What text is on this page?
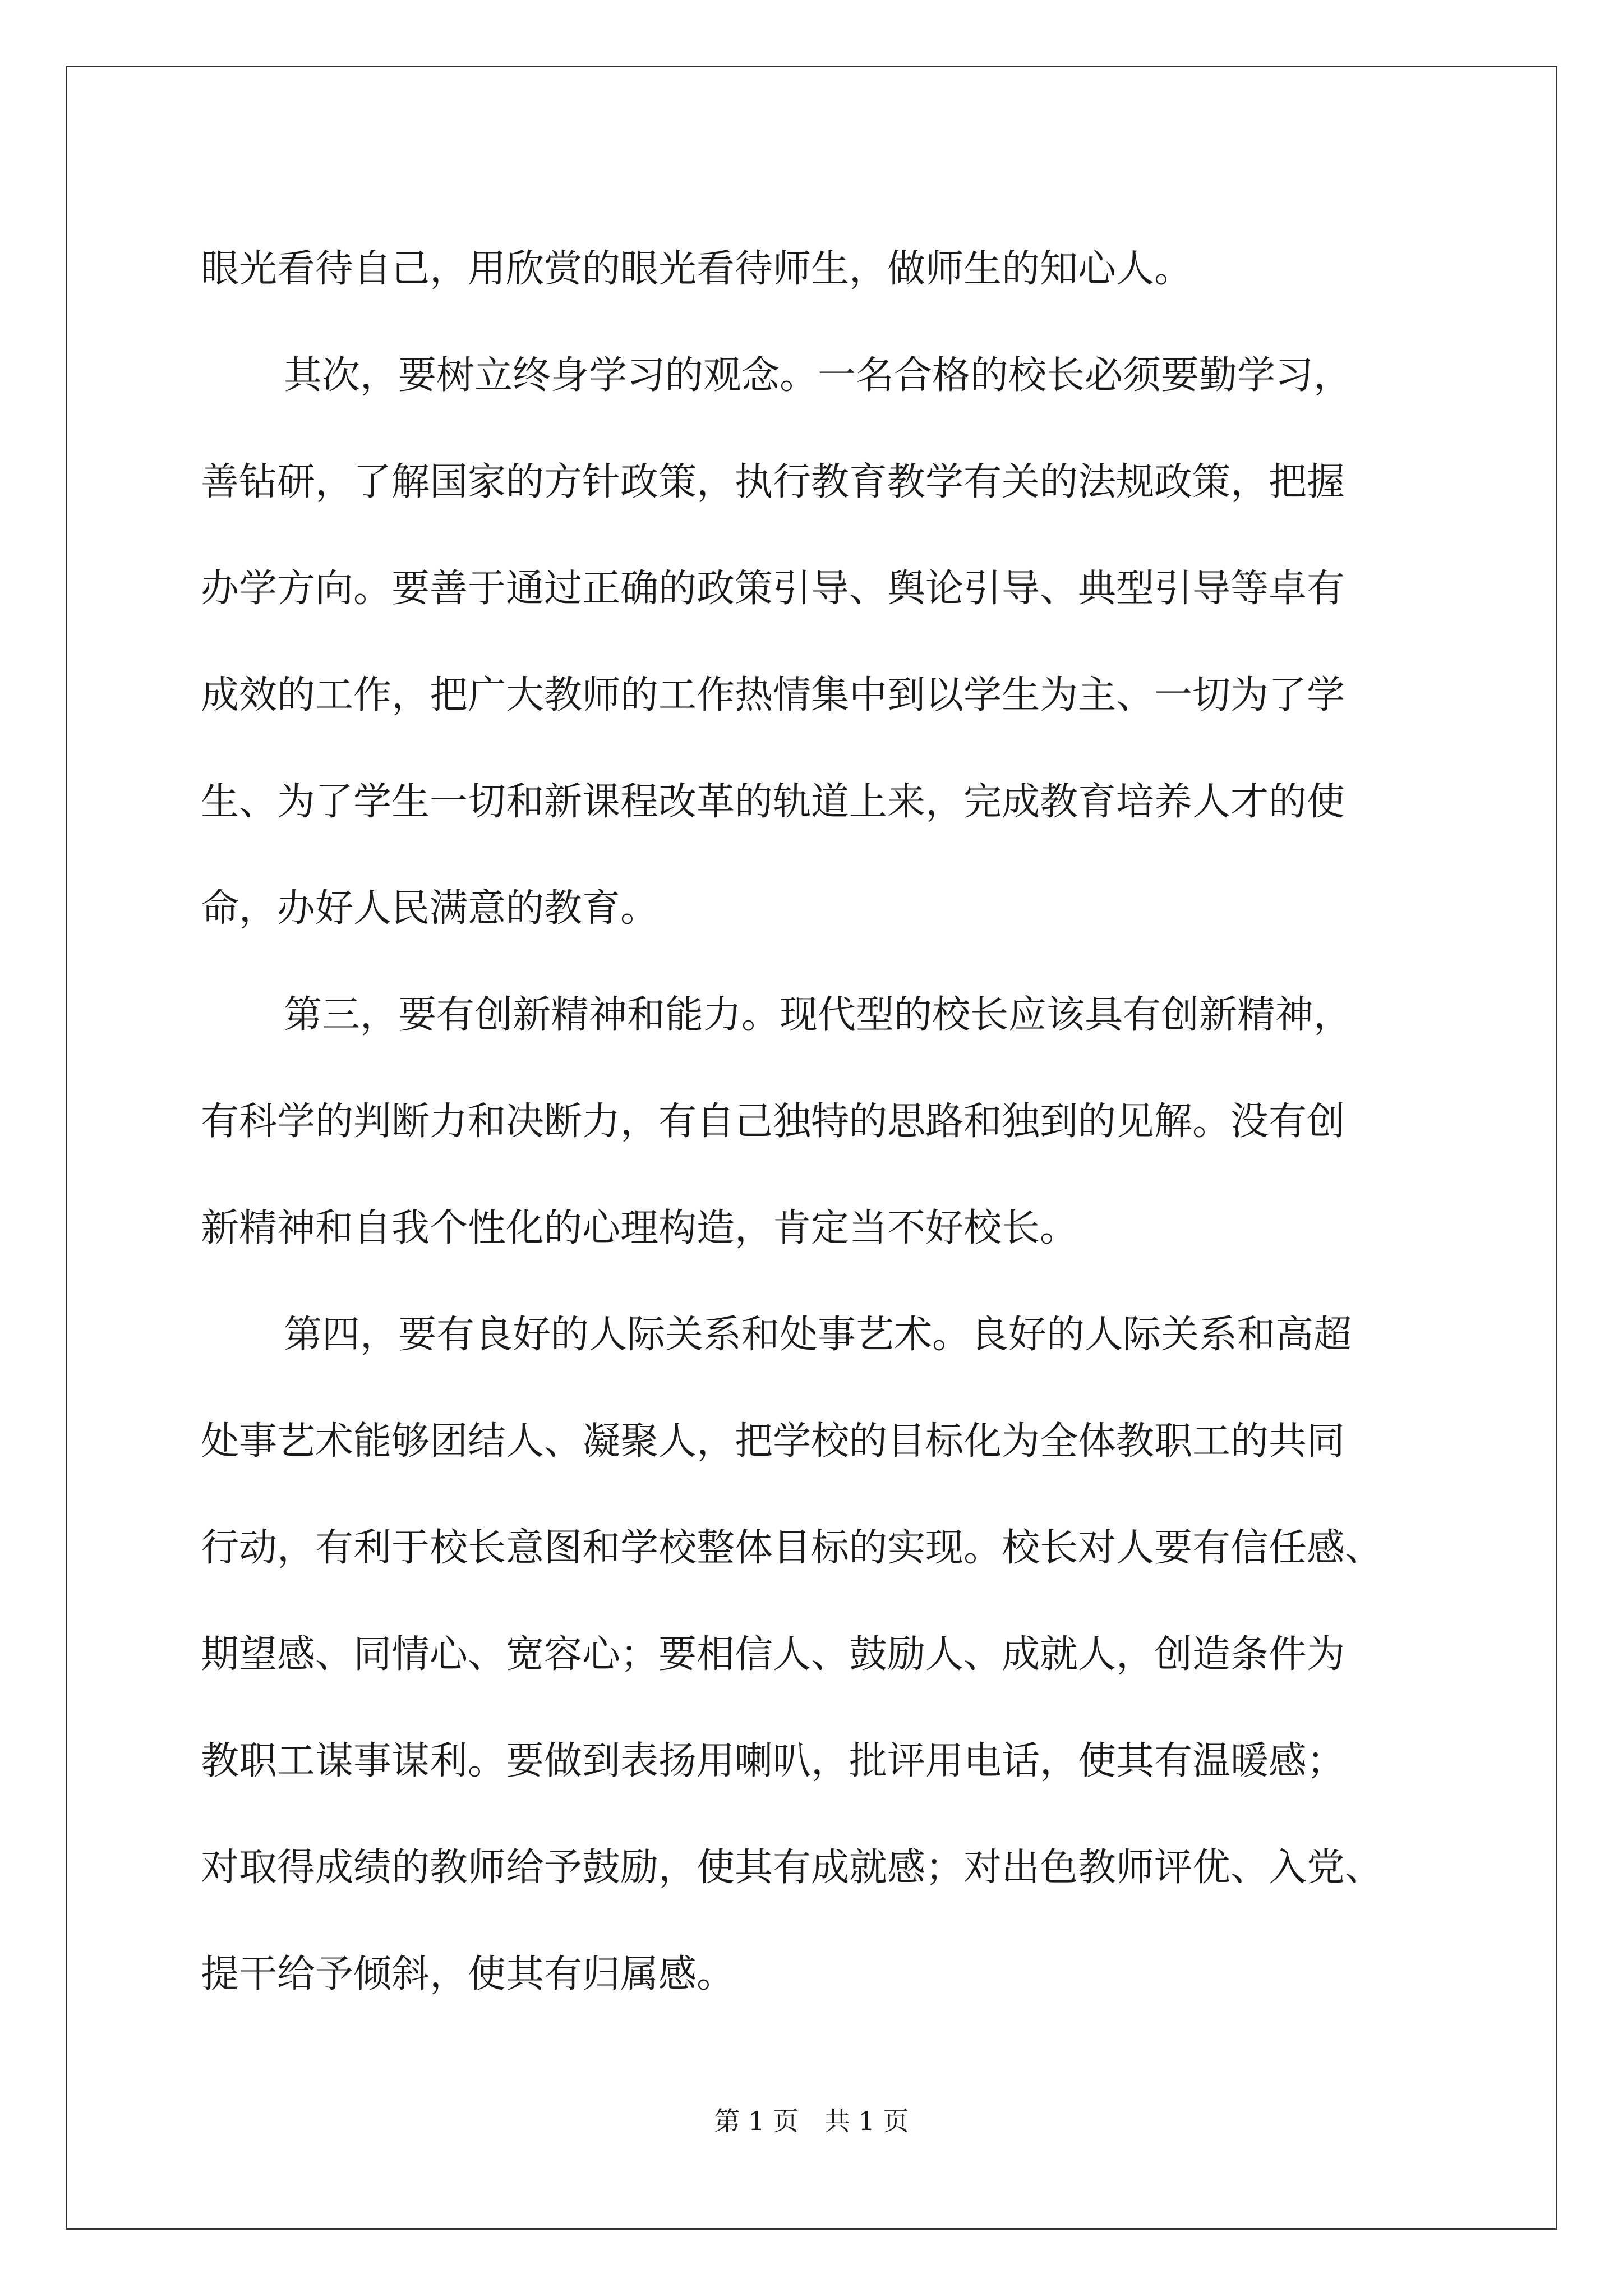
眼光看待自己，用欣赏的眼光看待师生，做师生的知心人。
其次，要树立终身学习的观念。一名合格的校长必须要勤学习，
善钻研，了解国家的方针政策，执行教育教学有关的法规政策，把握
办学方向。要善于通过正确的政策引导、舆论引导、典型引导等卓有
成效的工作，把广大教师的工作热情集中到以学生为主、一切为了学
生、为了学生一切和新课程改革的轨道上来，完成教育培养人才的使
命，办好人民满意的教育。
第三，要有创新精神和能力。现代型的校长应该具有创新精神，
有科学的判断力和决断力，有自己独特的思路和独到的见解。没有创
新精神和自我个性化的心理构造，肯定当不好校长。
第四，要有良好的人际关系和处事艺术。良好的人际关系和高超
处事艺术能够团结人、凝聚人，把学校的目标化为全体教职工的共同
行动，有利于校长意图和学校整体目标的实现。校长对人要有信任感、
期望感、同情心、宽容心；要相信人、鼓励人、成就人，创造条件为
教职工谋事谋利。要做到表扬用喇叭，批评用电话，使其有温暖感；
对取得成绩的教师给予鼓励，使其有成就感；对出色教师评优、入党、
提干给予倾斜，使其有归属感。
第 1 页　共 1 页
